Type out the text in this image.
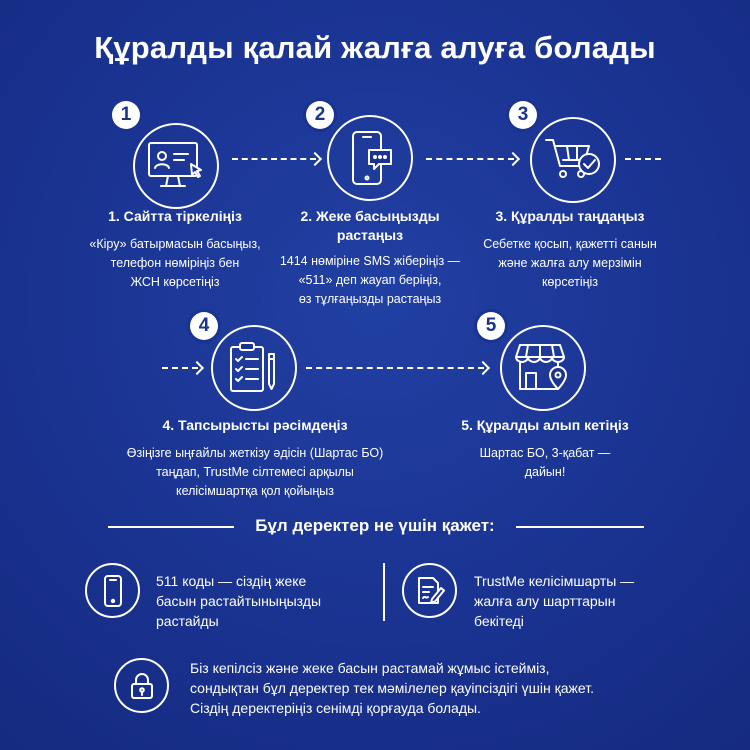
Құралды қалай жалға алуға болады
1	2	3
1. Сайтта тіркеліңіз
«Кіру» батырмасын басыңыз,
телефон нөміріңіз бен
ЖСН көрсетіңіз
2. Жеке басыңызды
растаңыз
1414 нөміріне SMS жіберіңіз —
«511» деп жауап беріңіз,
өз тұлғаңызды растаңыз
3. Құралды таңдаңыз
Себетке қосып, қажетті санын
және жалға алу мерзімін
көрсетіңіз
4	5
4. Тапсырысты рәсімдеңіз
Өзіңізге ыңғайлы жеткізу әдісін (Шартас БО)
таңдап, TrustMe сілтемесі арқылы
келісімшартқа қол қойыңыз
5. Құралды алып кетіңіз
Шартас БО, 3-қабат —
дайын!
Бұл деректер не үшін қажет:
511 коды — сіздің жеке
басын растайтыныңызды
растайды
TrustMe келісімшарты —
жалға алу шарттарын
бекітеді
Біз кепілсіз және жеке басын растамай жұмыс істейміз,
сондықтан бұл деректер тек мәмілелер қауіпсіздігі үшін қажет.
Сіздің деректеріңіз сенімді қорғауда болады.
